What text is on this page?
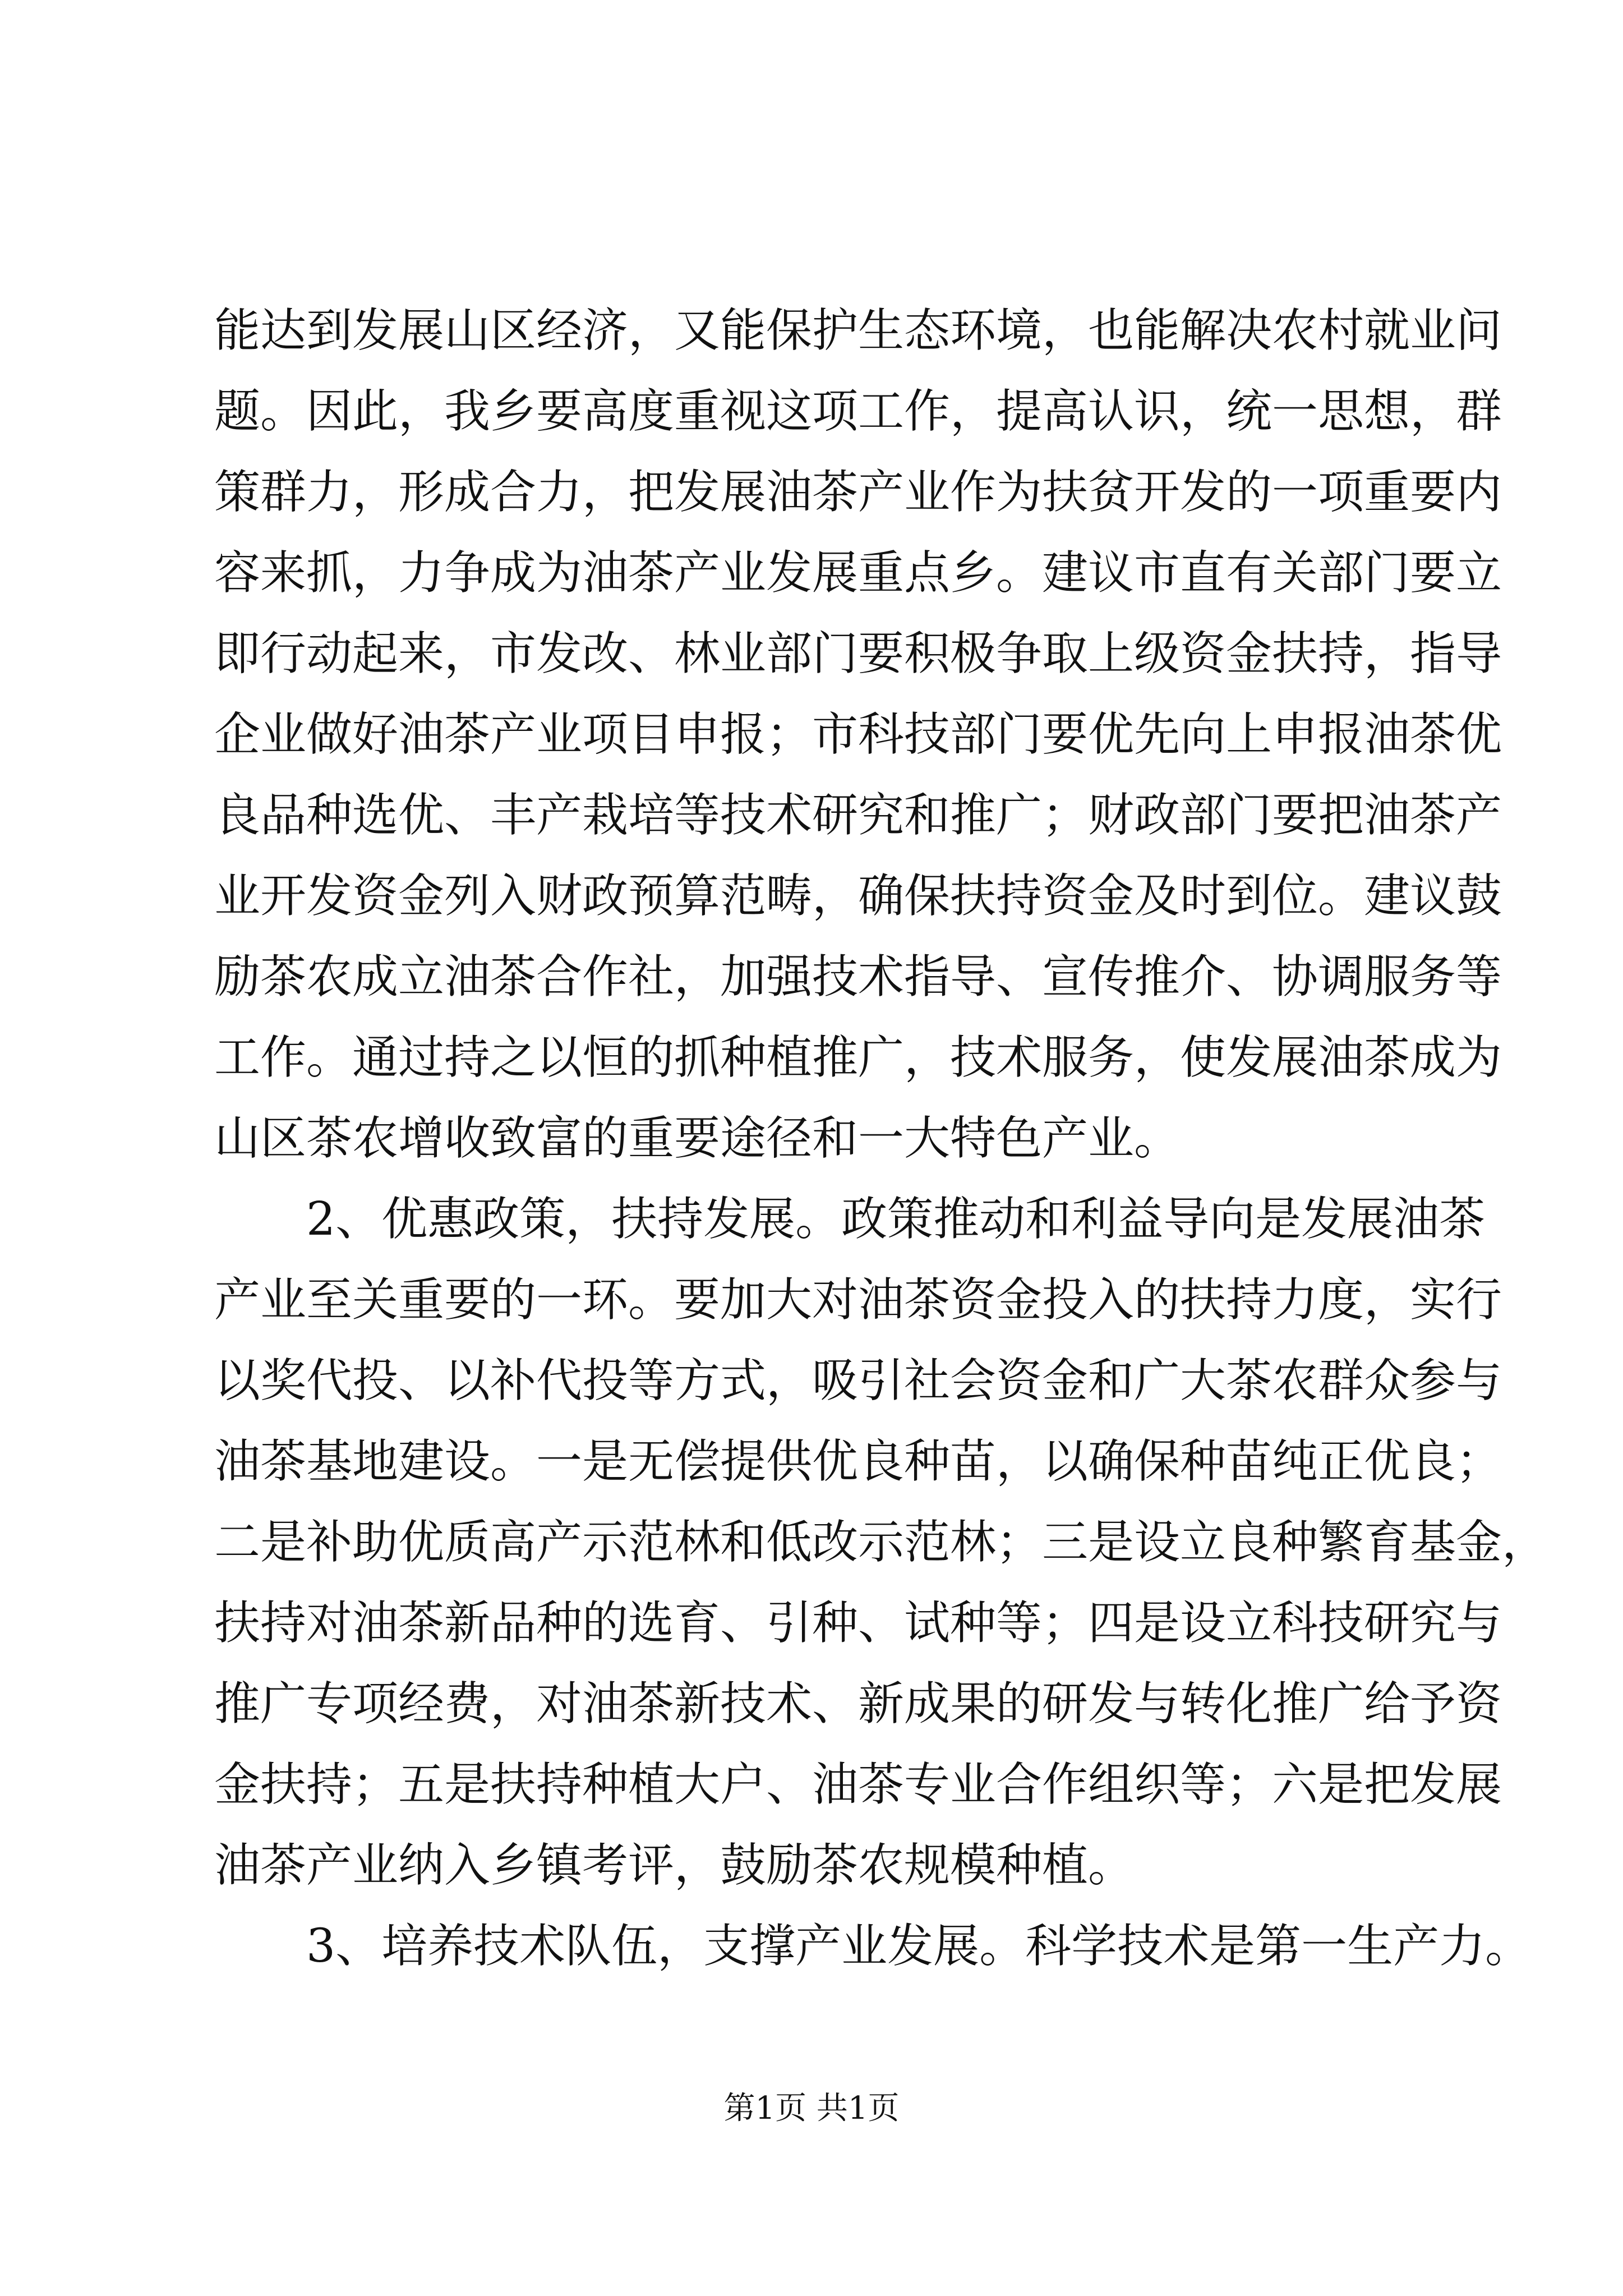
能达到发展山区经济，又能保护生态环境，也能解决农村就业问
题。因此，我乡要高度重视这项工作，提高认识，统一思想，群
策群力，形成合力，把发展油茶产业作为扶贫开发的一项重要内
容来抓，力争成为油茶产业发展重点乡。建议市直有关部门要立
即行动起来，市发改、林业部门要积极争取上级资金扶持，指导
企业做好油茶产业项目申报；市科技部门要优先向上申报油茶优
良品种选优、丰产栽培等技术研究和推广；财政部门要把油茶产
业开发资金列入财政预算范畴，确保扶持资金及时到位。建议鼓
励茶农成立油茶合作社，加强技术指导、宣传推介、协调服务等
工作。通过持之以恒的抓种植推广，技术服务，使发展油茶成为
山区茶农增收致富的重要途径和一大特色产业。
　　2、优惠政策，扶持发展。政策推动和利益导向是发展油茶
产业至关重要的一环。要加大对油茶资金投入的扶持力度，实行
以奖代投、以补代投等方式，吸引社会资金和广大茶农群众参与
油茶基地建设。一是无偿提供优良种苗，以确保种苗纯正优良；
二是补助优质高产示范林和低改示范林；三是设立良种繁育基金，
扶持对油茶新品种的选育、引种、试种等；四是设立科技研究与
推广专项经费，对油茶新技术、新成果的研发与转化推广给予资
金扶持；五是扶持种植大户、油茶专业合作组织等；六是把发展
油茶产业纳入乡镇考评，鼓励茶农规模种植。
　　3、培养技术队伍，支撑产业发展。科学技术是第一生产力。
第1页 共1页
